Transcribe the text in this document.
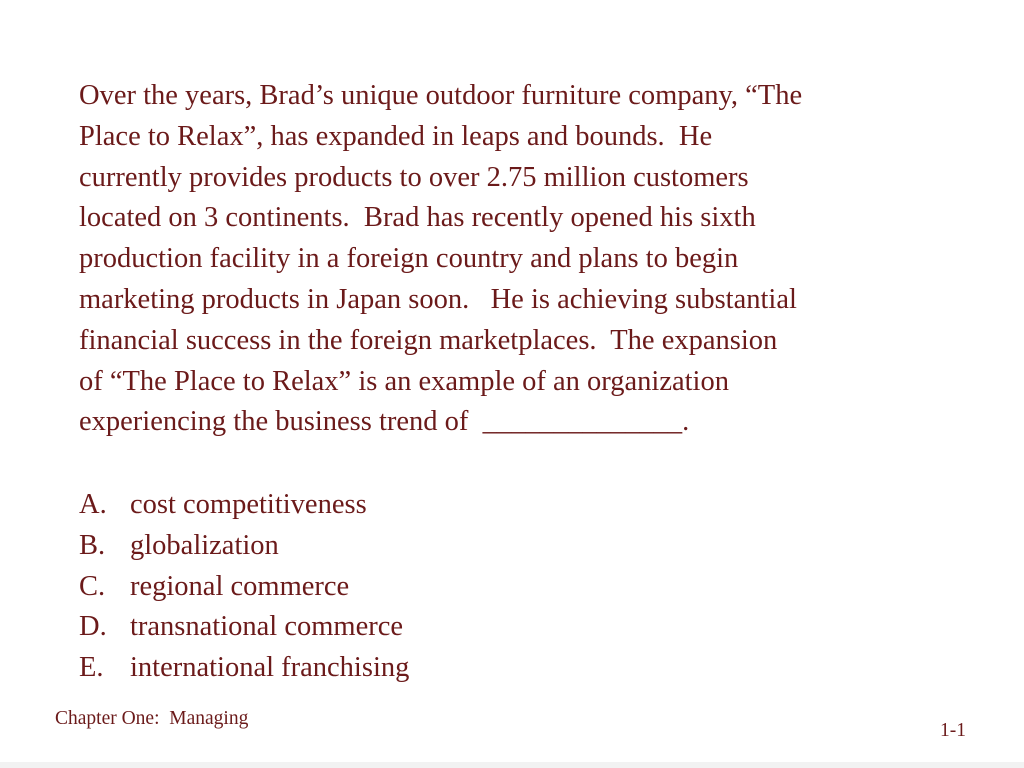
Over the years, Brad’s unique outdoor furniture company, “The
Place to Relax”, has expanded in leaps and bounds.  He
currently provides products to over 2.75 million customers
located on 3 continents.  Brad has recently opened his sixth
production facility in a foreign country and plans to begin
marketing products in Japan soon.   He is achieving substantial
financial success in the foreign marketplaces.  The expansion
of “The Place to Relax” is an example of an organization
experiencing the business trend of  ______________.
A. cost competitiveness
B. globalization
C. regional commerce
D. transnational commerce
E. international franchising
Chapter One:  Managing
1-1
